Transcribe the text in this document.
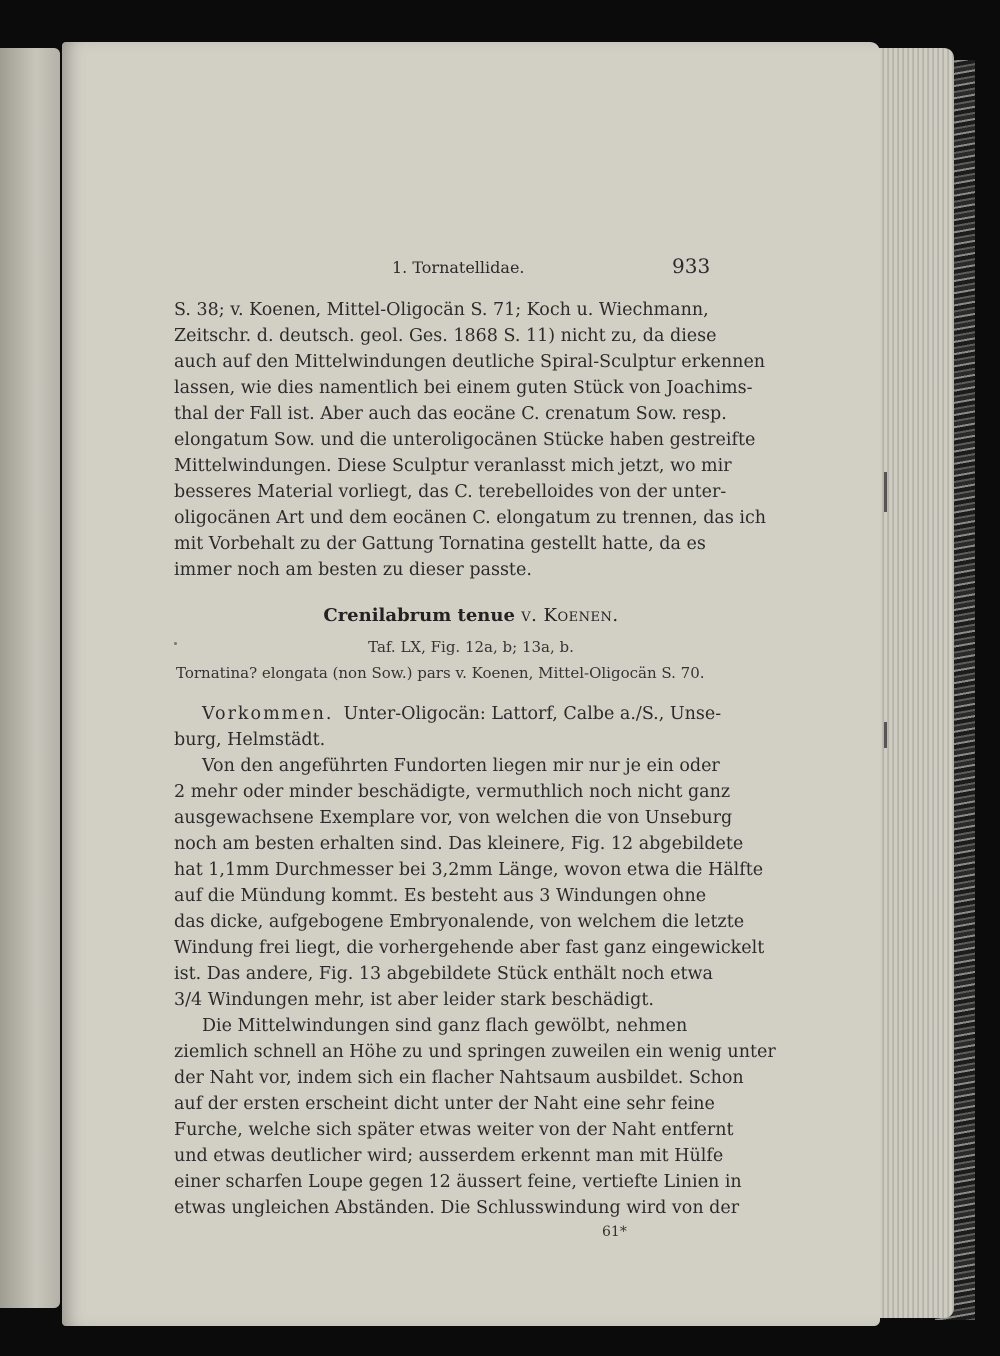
1. Tornatellidae.	933
S. 38; v. Koenen, Mittel-Oligocän S. 71; Koch u. Wiechmann,
Zeitschr. d. deutsch. geol. Ges. 1868 S. 11) nicht zu, da diese
auch auf den Mittelwindungen deutliche Spiral-Sculptur erkennen
lassen, wie dies namentlich bei einem guten Stück von Joachims-
thal der Fall ist. Aber auch das eocäne C. crenatum Sow. resp.
elongatum Sow. und die unteroligocänen Stücke haben gestreifte
Mittelwindungen. Diese Sculptur veranlasst mich jetzt, wo mir
besseres Material vorliegt, das C. terebelloides von der unter-
oligocänen Art und dem eocänen C. elongatum zu trennen, das ich
mit Vorbehalt zu der Gattung Tornatina gestellt hatte, da es
immer noch am besten zu dieser passte.
Crenilabrum tenue v. Koenen.
Taf. LX, Fig. 12a, b; 13a, b.
Tornatina? elongata (non Sow.) pars v. Koenen, Mittel-Oligocän S. 70.
Vorkommen. Unter-Oligocän: Lattorf, Calbe a./S., Unse-
burg, Helmstädt.
Von den angeführten Fundorten liegen mir nur je ein oder
2 mehr oder minder beschädigte, vermuthlich noch nicht ganz
ausgewachsene Exemplare vor, von welchen die von Unseburg
noch am besten erhalten sind. Das kleinere, Fig. 12 abgebildete
hat 1,1mm Durchmesser bei 3,2mm Länge, wovon etwa die Hälfte
auf die Mündung kommt. Es besteht aus 3 Windungen ohne
das dicke, aufgebogene Embryonalende, von welchem die letzte
Windung frei liegt, die vorhergehende aber fast ganz eingewickelt
ist. Das andere, Fig. 13 abgebildete Stück enthält noch etwa
3/4 Windungen mehr, ist aber leider stark beschädigt.
Die Mittelwindungen sind ganz flach gewölbt, nehmen
ziemlich schnell an Höhe zu und springen zuweilen ein wenig unter
der Naht vor, indem sich ein flacher Nahtsaum ausbildet. Schon
auf der ersten erscheint dicht unter der Naht eine sehr feine
Furche, welche sich später etwas weiter von der Naht entfernt
und etwas deutlicher wird; ausserdem erkennt man mit Hülfe
einer scharfen Loupe gegen 12 äussert feine, vertiefte Linien in
etwas ungleichen Abständen. Die Schlusswindung wird von der
61*
